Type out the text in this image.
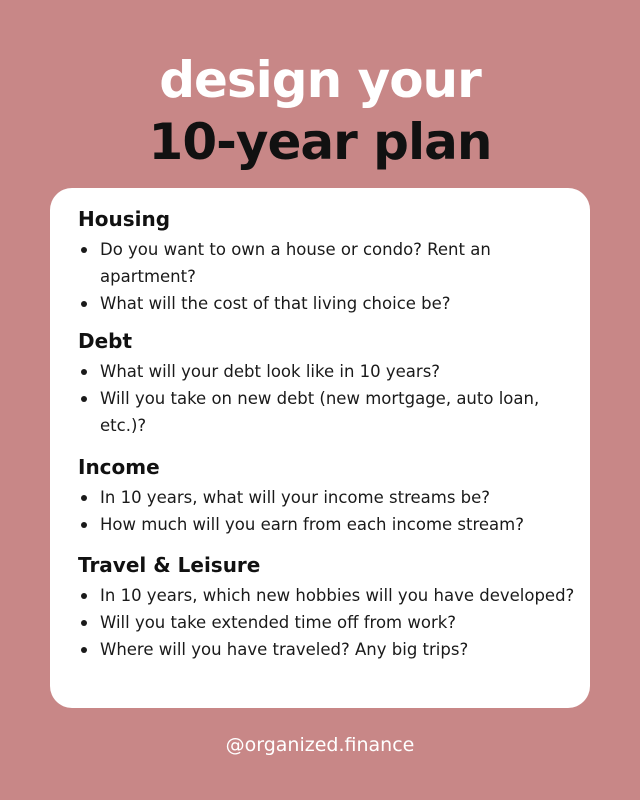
design your
10-year plan
Housing
Do you want to own a house or condo? Rent an apartment?
What will the cost of that living choice be?
Debt
What will your debt look like in 10 years?
Will you take on new debt (new mortgage, auto loan, etc.)?
Income
In 10 years, what will your income streams be?
How much will you earn from each income stream?
Travel & Leisure
In 10 years, which new hobbies will you have developed?
Will you take extended time off from work?
Where will you have traveled? Any big trips?
@organized.finance
